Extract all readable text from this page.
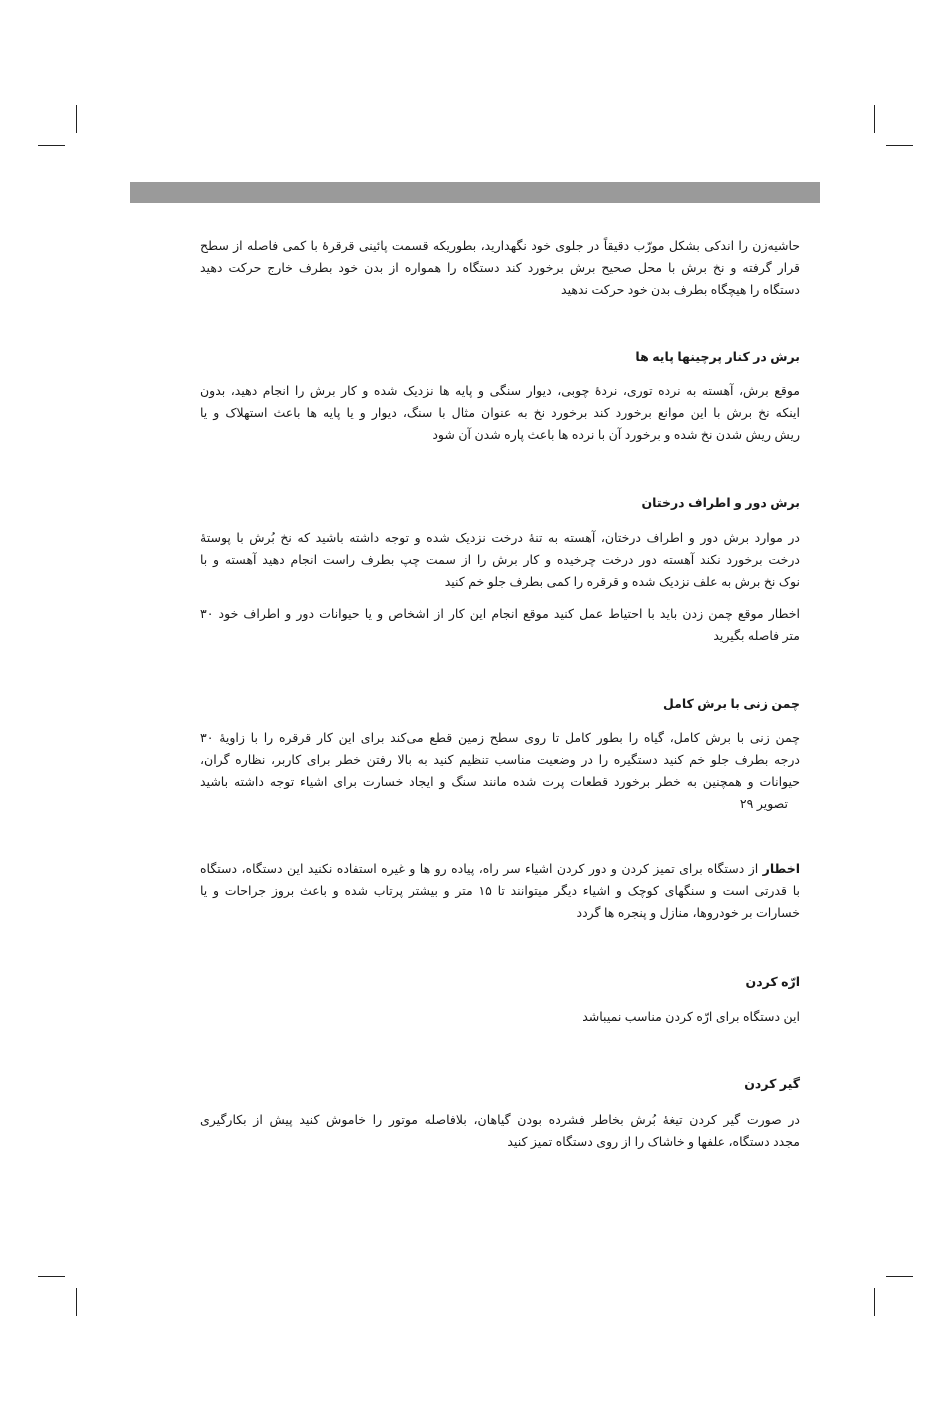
حاشیه‌زن را اندکی بشکل مورّب دقیقاً در جلوی خود نگهدارید، بطوریکه قسمت پائینی قرقرهٔ با کمی فاصله از سطح
قرار گرفته و نخ برش با محل صحیح برش برخورد کند دستگاه را همواره از بدن خود بطرف خارج حرکت دهید
دستگاه را هیچگاه بطرف بدن خود حرکت ندهید
برش در کنار پرچینها پایه ها
موقع برش، آهسته به نرده توری، نردهٔ چوبی، دیوار سنگی و پایه ها نزدیک شده و کار برش را انجام دهید، بدون
اینکه نخ برش با این موانع برخورد کند برخورد نخ به عنوان مثال با سنگ، دیوار و یا پایه ها باعث استهلاک و یا
ریش ریش شدن نخ شده و برخورد آن با نرده ها باعث پاره شدن آن شود
برش دور و اطراف درختان
در موارد برش دور و اطراف درختان، آهسته به تنهٔ درخت نزدیک شده و توجه داشته باشید که نخ بُرش با پوستهٔ
درخت برخورد نکند آهسته دور درخت چرخیده و کار برش را از سمت چپ بطرف راست انجام دهید آهسته و با
نوک نخ برش به علف نزدیک شده و قرقره را کمی بطرف جلو خم کنید
اخطار موقع چمن زدن باید با احتیاط عمل کنید موقع انجام این کار از اشخاص و یا حیوانات دور و اطراف خود ۳۰
متر فاصله بگیرید
چمن زنی با برش کامل
چمن زنی با برش کامل، گیاه را بطور کامل تا روی سطح زمین قطع می‌کند برای این کار قرقره را با زاویهٔ ۳۰
درجه بطرف جلو خم کنید دستگیره را در وضعیت مناسب تنظیم کنید به بالا رفتن خطر برای کاربر، نظاره گران،
حیوانات و همچنین به خطر برخورد قطعات پرت شده مانند سنگ و ایجاد خسارت برای اشیاء توجه داشته باشید
تصویر ۲۹
اخطار از دستگاه برای تمیز کردن و دور کردن اشیاء سر راه، پیاده رو ها و غیره استفاده نکنید این دستگاه، دستگاه
با قدرتی است و سنگهای کوچک و اشیاء دیگر میتوانند تا ۱۵ متر و بیشتر پرتاب شده و باعث بروز جراحات و یا
خسارات بر خودروها، منازل و پنجره ها گردد
ارّه کردن
این دستگاه برای ارّه کردن مناسب نمیباشد
گیر کردن
در صورت گیر کردن تیغهٔ بُرش بخاطر فشرده بودن گیاهان، بلافاصله موتور را خاموش کنید پیش از بکارگیری
مجدد دستگاه، علفها و خاشاک را از روی دستگاه تمیز کنید
